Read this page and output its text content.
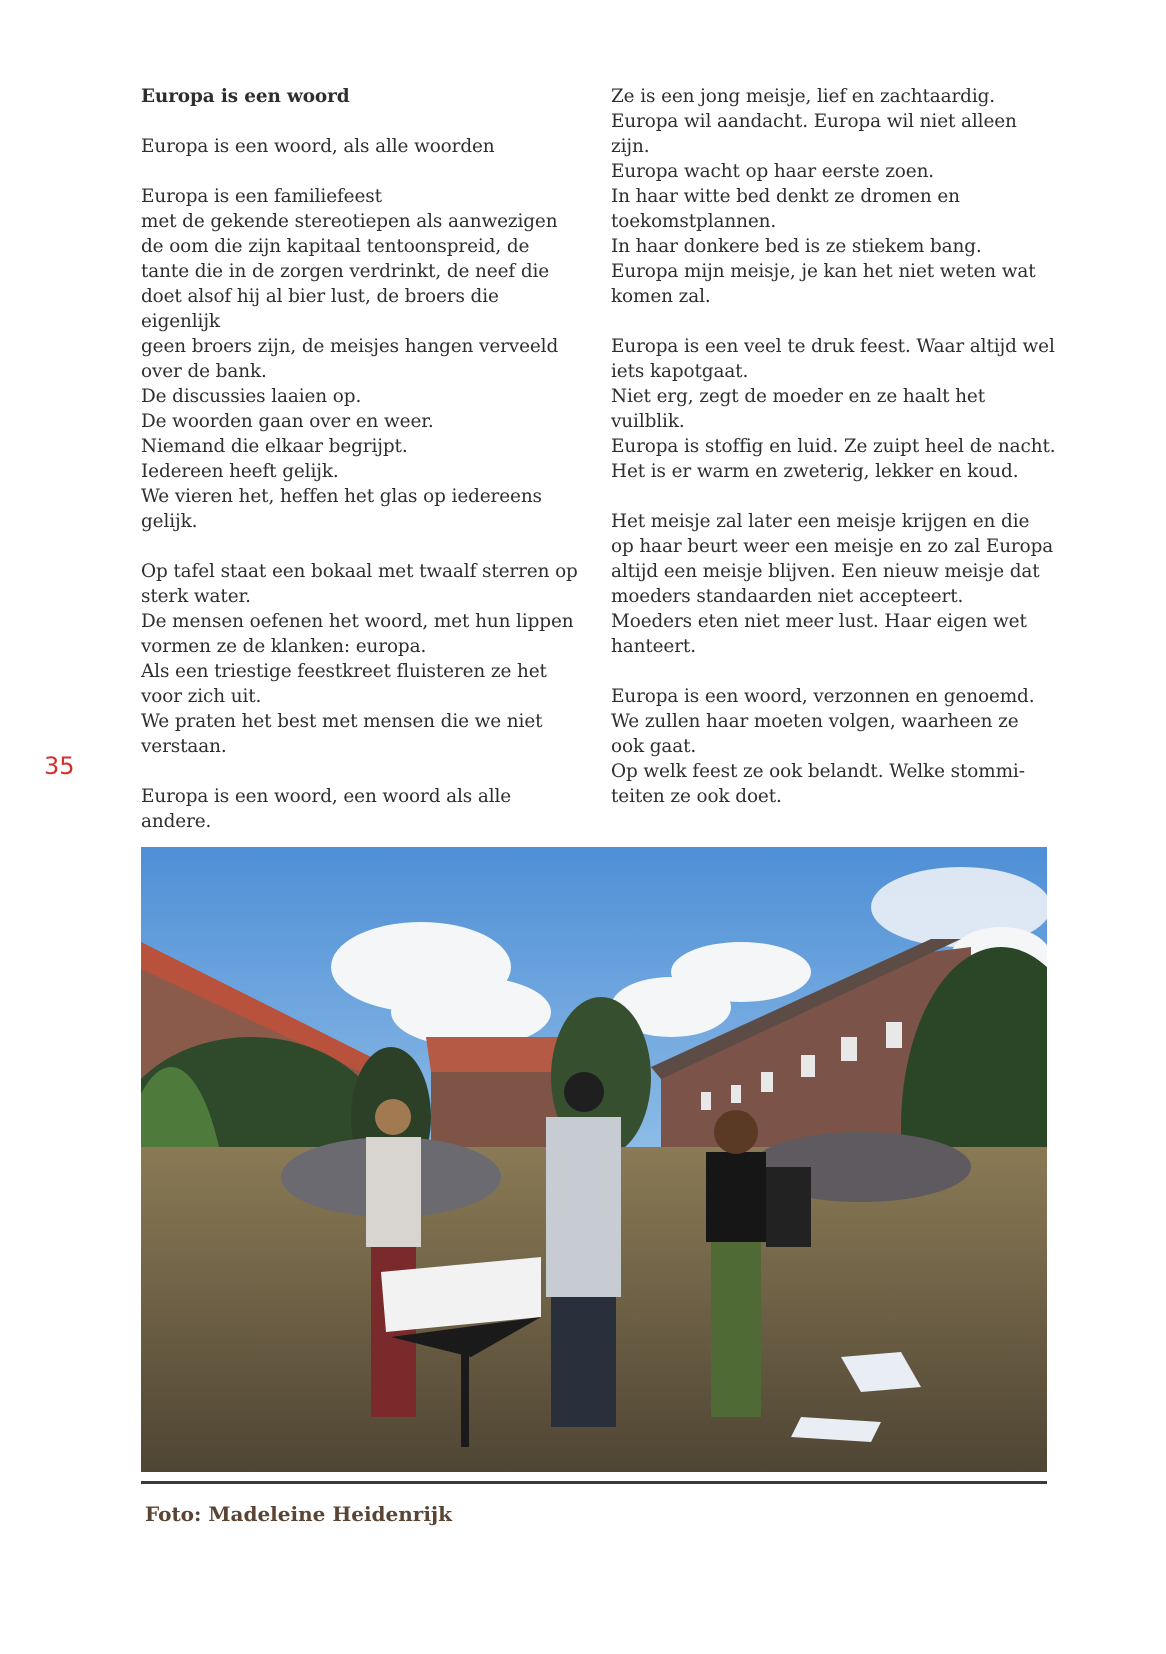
Europa is een woord
Europa is een woord, als alle woorden
Europa is een familiefeest
met de gekende stereotiepen als aanwezigen
de oom die zijn kapitaal tentoonspreid, de
tante die in de zorgen verdrinkt, de neef die
doet alsof hij al bier lust, de broers die eigenlijk
geen broers zijn, de meisjes hangen verveeld
over de bank.
De discussies laaien op.
De woorden gaan over en weer.
Niemand die elkaar begrijpt.
Iedereen heeft gelijk.
We vieren het, heffen het glas op iedereens
gelijk.
Op tafel staat een bokaal met twaalf sterren op
sterk water.
De mensen oefenen het woord, met hun lippen
vormen ze de klanken: europa.
Als een triestige feestkreet fluisteren ze het
voor zich uit.
We praten het best met mensen die we niet
verstaan.
Europa is een woord, een woord als alle andere.
Ze is een jong meisje, lief en zachtaardig.
Europa wil aandacht. Europa wil niet alleen
zijn.
Europa wacht op haar eerste zoen.
In haar witte bed denkt ze dromen en
toekomstplannen.
In haar donkere bed is ze stiekem bang.
Europa mijn meisje, je kan het niet weten wat
komen zal.
Europa is een veel te druk feest. Waar altijd wel
iets kapotgaat.
Niet erg, zegt de moeder en ze haalt het vuilblik.
Europa is stoffig en luid. Ze zuipt heel de nacht.
Het is er warm en zweterig, lekker en koud.
Het meisje zal later een meisje krijgen en die
op haar beurt weer een meisje en zo zal Europa
altijd een meisje blijven. Een nieuw meisje dat
moeders standaarden niet accepteert.
Moeders eten niet meer lust. Haar eigen wet
hanteert.
Europa is een woord, verzonnen en genoemd.
We zullen haar moeten volgen, waarheen ze
ook gaat.
Op welk feest ze ook belandt. Welke stommi-
teiten ze ook doet.
35
Foto: Madeleine Heidenrijk
